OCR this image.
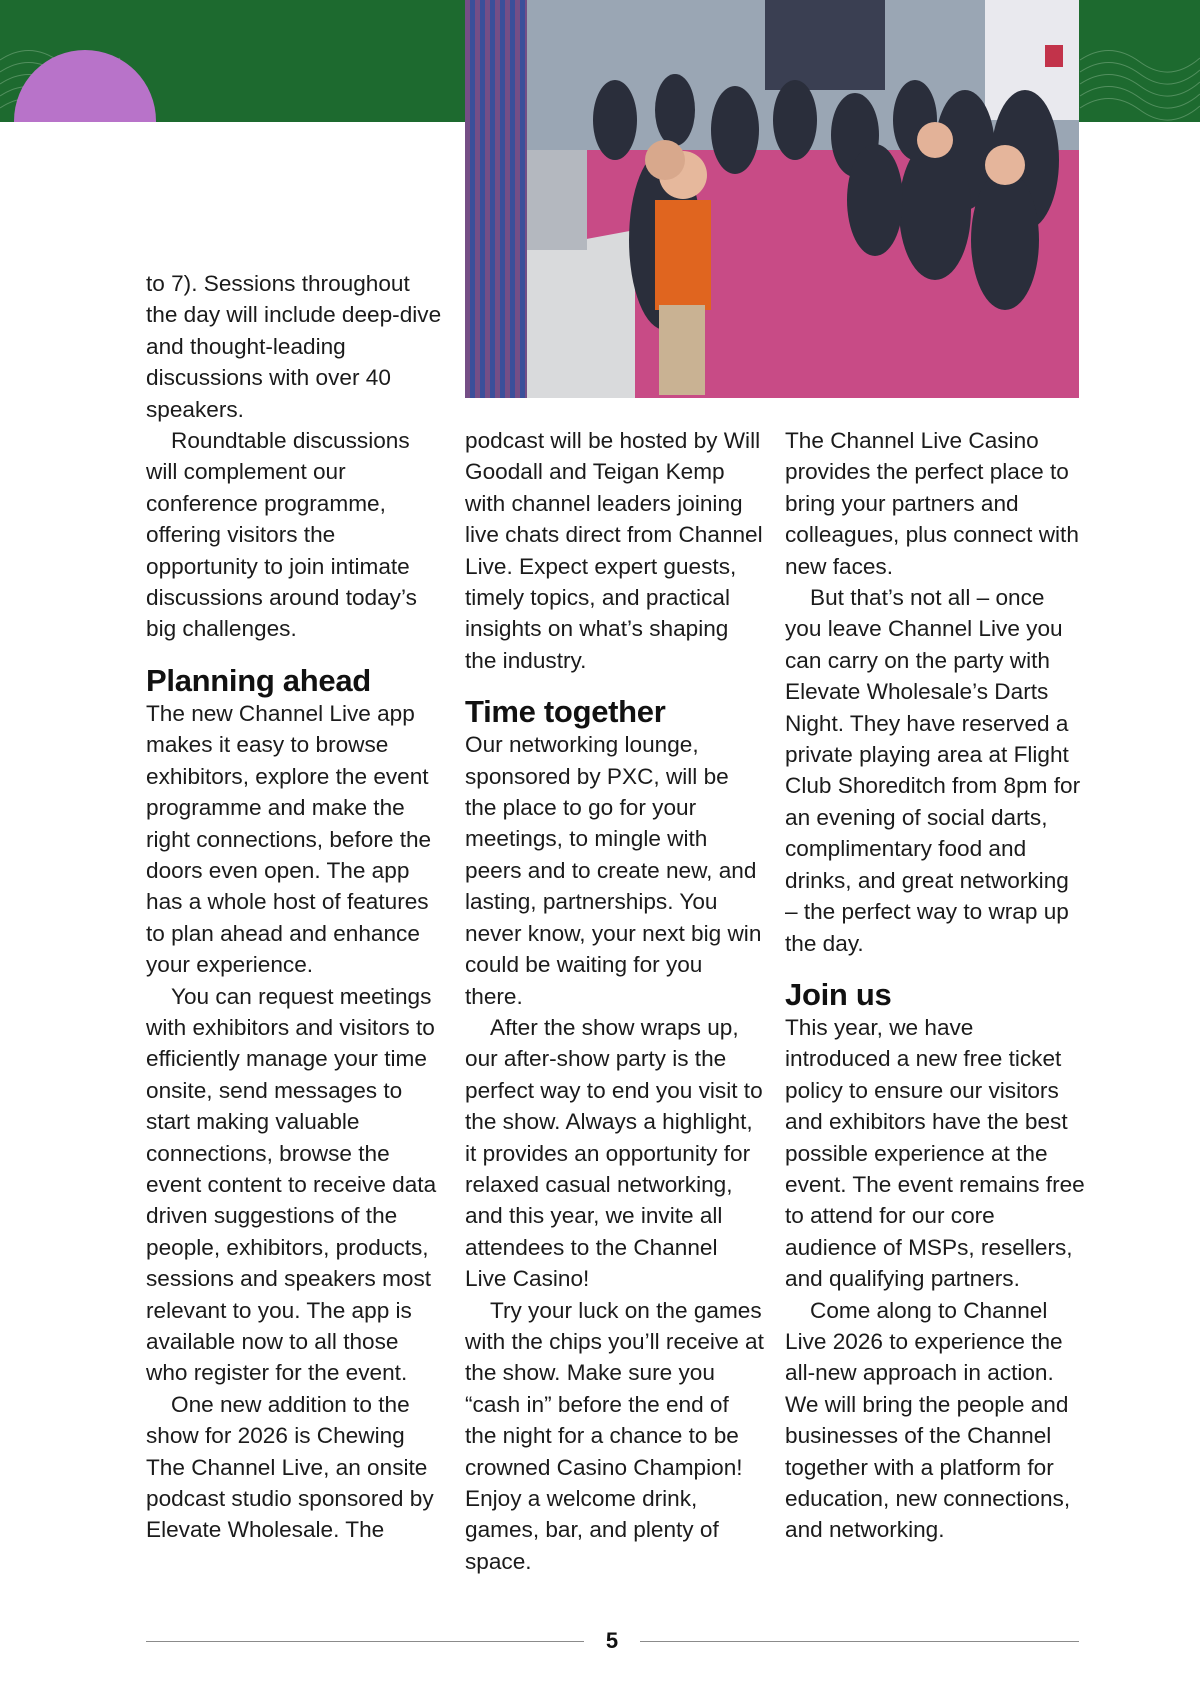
to 7). Sessions throughout the day will include deep-dive and thought-leading discussions with over 40 speakers.

Roundtable discussions will complement our conference programme, offering visitors the opportunity to join intimate discussions around today’s big challenges.

Planning ahead

The new Channel Live app makes it easy to browse exhibitors, explore the event programme and make the right connections, before the doors even open. The app has a whole host of features to plan ahead and enhance your experience.

You can request meetings with exhibitors and visitors to efficiently manage your time onsite, send messages to start making valuable connections, browse the event content to receive data driven suggestions of the people, exhibitors, products, sessions and speakers most relevant to you. The app is available now to all those who register for the event.

One new addition to the show for 2026 is Chewing The Channel Live, an onsite podcast studio sponsored by Elevate Wholesale. The

podcast will be hosted by Will Goodall and Teigan Kemp with channel leaders joining live chats direct from Channel Live. Expect expert guests, timely topics, and practical insights on what’s shaping the industry.

Time together

Our networking lounge, sponsored by PXC, will be the place to go for your meetings, to mingle with peers and to create new, and lasting, partnerships. You never know, your next big win could be waiting for you there.

After the show wraps up, our after-show party is the perfect way to end you visit to the show. Always a highlight, it provides an opportunity for relaxed casual networking, and this year, we invite all attendees to the Channel Live Casino!

Try your luck on the games with the chips you’ll receive at the show. Make sure you “cash in” before the end of the night for a chance to be crowned Casino Champion! Enjoy a welcome drink, games, bar, and plenty of space.

The Channel Live Casino provides the perfect place to bring your partners and colleagues, plus connect with new faces.

But that’s not all – once you leave Channel Live you can carry on the party with Elevate Wholesale’s Darts Night. They have reserved a private playing area at Flight Club Shoreditch from 8pm for an evening of social darts, complimentary food and drinks, and great networking – the perfect way to wrap up the day.

Join us

This year, we have introduced a new free ticket policy to ensure our visitors and exhibitors have the best possible experience at the event. The event remains free to attend for our core audience of MSPs, resellers, and qualifying partners.

Come along to Channel Live 2026 to experience the all-new approach in action. We will bring the people and businesses of the Channel together with a platform for education, new connections, and networking.

5
